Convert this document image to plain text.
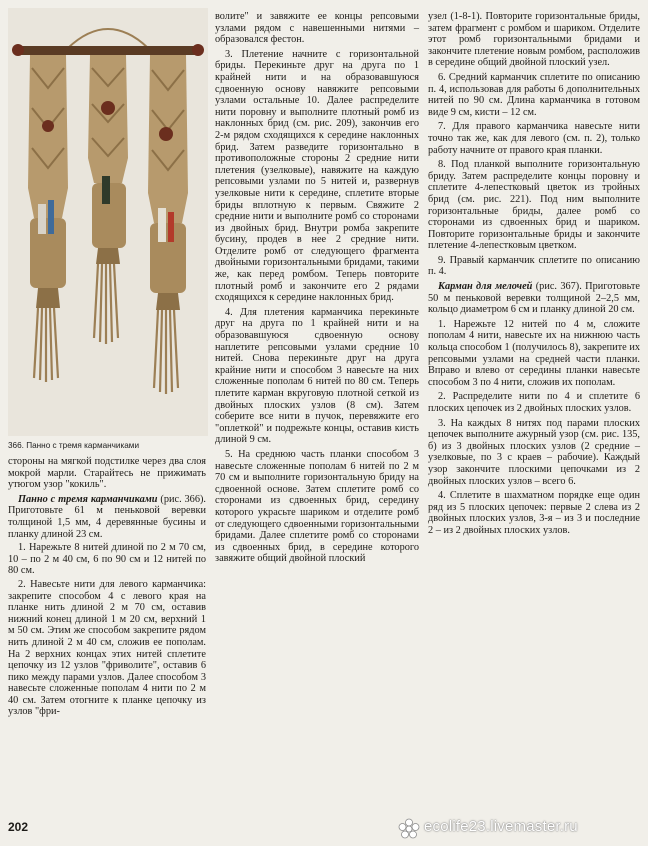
366. Панно с тремя карманчиками

стороны на мягкой подстилке через два слоя мокрой марли. Старайтесь не прижимать утюгом узор "кокиль".

Панно с тремя карманчиками (рис. 366). Приготовьте 61 м пеньковой веревки толщиной 1,5 мм, 4 деревянные бусины и планку длиной 23 см.

1. Нарежьте 8 нитей длиной по 2 м 70 см, 10 – по 2 м 40 см, 6 по 90 см и 12 нитей по 80 см.

2. Навесьте нити для левого карманчика: закрепите способом 4 с левого края на планке нить длиной 2 м 70 см, оставив нижний конец длиной 1 м 20 см, верхний 1 м 50 см. Этим же способом закрепите рядом нить длиной 2 м 40 см, сложив ее пополам. На 2 верхних концах этих нитей сплетите цепочку из 12 узлов "фриволите", оставив 6 пико между парами узлов. Далее способом 3 навесьте сложенные пополам 4 нити по 2 м 40 см. Затем отогните к планке цепочку из узлов "фри-

волите" и завяжите ее концы репсовыми узлами рядом с навешенными нитями – образовался фестон.

3. Плетение начните с горизонтальной бриды. Перекиньте друг на друга по 1 крайней нити и на образовавшуюся сдвоенную основу навяжите репсовыми узлами остальные 10. Далее распределите нити поровну и выполните плотный ромб из наклонных брид (см. рис. 209), закончив его 2-м рядом сходящихся к середине наклонных брид. Затем разведите горизонтально в противоположные стороны 2 средние нити плетения (узелковые), навяжите на каждую репсовыми узлами по 5 нитей и, развернув узелковые нити к середине, сплетите вторые бриды вплотную к первым. Свяжите 2 средние нити и выполните ромб со сторонами из двойных брид. Внутри ромба закрепите бусину, продев в нее 2 средние нити. Отделите ромб от следующего фрагмента двойными горизонтальными бридами, такими же, как перед ромбом. Теперь повторите плотный ромб и закончите его 2 рядами сходящихся к середине наклонных брид.

4. Для плетения карманчика перекиньте друг на друга по 1 крайней нити и на образовавшуюся сдвоенную основу наплетите репсовыми узлами средние 10 нитей. Снова перекиньте друг на друга крайние нити и способом 3 навесьте на них сложенные пополам 6 нитей по 80 см. Теперь плетите карман вкруговую плотной сеткой из двойных плоских узлов (8 см). Затем соберите все нити в пучок, перевяжите его "оплеткой" и подрежьте концы, оставив кисть длиной 9 см.

5. На среднюю часть планки способом 3 навесьте сложенные пополам 6 нитей по 2 м 70 см и выполните горизонтальную бриду на сдвоенной основе. Затем сплетите ромб со сторонами из сдвоенных брид, середину которого украсьте шариком и отделите ромб от следующего сдвоенными горизонтальными бридами. Далее сплетите ромб со сторонами из сдвоенных брид, в середине которого завяжите общий двойной плоский

узел (1-8-1). Повторите горизонтальные бриды, затем фрагмент с ромбом и шариком. Отделите этот ромб горизонтальными бридами и закончите плетение новым ромбом, расположив в середине общий двойной плоский узел.

6. Средний карманчик сплетите по описанию п. 4, использовав для работы 6 дополнительных нитей по 90 см. Длина карманчика в готовом виде 9 см, кисти – 12 см.

7. Для правого карманчика навесьте нити точно так же, как для левого (см. п. 2), только работу начните от правого края планки.

8. Под планкой выполните горизонтальную бриду. Затем распределите концы поровну и сплетите 4-лепестковый цветок из тройных брид (см. рис. 221). Под ним выполните горизонтальные бриды, далее ромб со сторонами из сдвоенных брид и шариком. Повторите горизонтальные бриды и закончите плетение 4-лепестковым цветком.

9. Правый карманчик сплетите по описанию п. 4.

Карман для мелочей (рис. 367). Приготовьте 50 м пеньковой веревки толщиной 2–2,5 мм, кольцо диаметром 6 см и планку длиной 20 см.

1. Нарежьте 12 нитей по 4 м, сложите пополам 4 нити, навесьте их на нижнюю часть кольца способом 1 (получилось 8), закрепите их репсовыми узлами на средней части планки. Вправо и влево от середины планки навесьте способом 3 по 4 нити, сложив их пополам.

2. Распределите нити по 4 и сплетите 6 плоских цепочек из 2 двойных плоских узлов.

3. На каждых 8 нитях под парами плоских цепочек выполните ажурный узор (см. рис. 135, б) из 3 двойных плоских узлов (2 средние – узелковые, по 3 с краев – рабочие). Каждый узор закончите плоскими цепочками из 2 двойных плоских узлов – всего 6.

4. Сплетите в шахматном порядке еще один ряд из 5 плоских цепочек: первые 2 слева из 2 двойных плоских узлов, 3-я – из 3 и последние 2 – из 2 двойных плоских узлов.

202	ecolife23.livemaster.ru
